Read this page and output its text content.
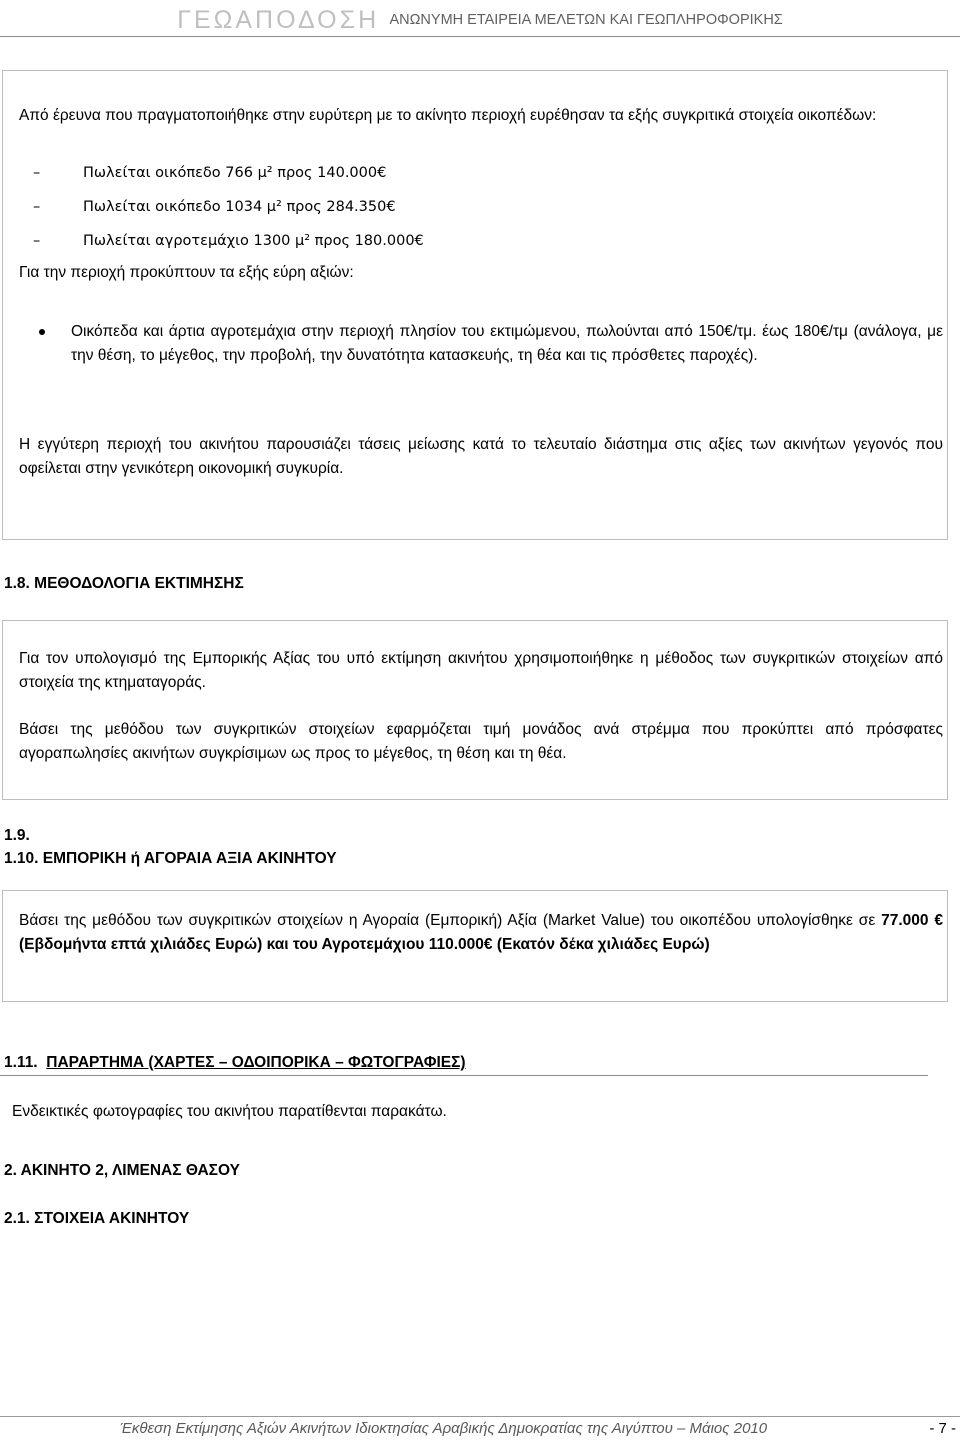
ΓΕΩΑΠΟΔΟΣΗ ΑΝΩΝΥΜΗ ΕΤΑΙΡΕΙΑ ΜΕΛΕΤΩΝ ΚΑΙ ΓΕΩΠΛΗΡΟΦΟΡΙΚΗΣ
Από έρευνα που πραγματοποιήθηκε στην ευρύτερη με το ακίνητο περιοχή ευρέθησαν τα εξής συγκριτικά στοιχεία οικοπέδων:
–	Πωλείται οικόπεδο 766 μ² προς 140.000€
–	Πωλείται οικόπεδο 1034 μ² προς 284.350€
–	Πωλείται αγροτεμάχιο 1300 μ² προς 180.000€
Για την περιοχή προκύπτουν τα εξής εύρη αξιών:
Οικόπεδα και άρτια αγροτεμάχια στην περιοχή πλησίον του εκτιμώμενου, πωλούνται από 150€/τμ. έως 180€/τμ (ανάλογα, με την θέση, το μέγεθος, την προβολή, την δυνατότητα κατασκευής, τη θέα και τις πρόσθετες παροχές).
Η εγγύτερη περιοχή του ακινήτου παρουσιάζει τάσεις μείωσης κατά το τελευταίο διάστημα στις αξίες των ακινήτων γεγονός που οφείλεται στην γενικότερη οικονομική συγκυρία.
1.8. ΜΕΘΟΔΟΛΟΓΙΑ ΕΚΤΙΜΗΣΗΣ
Για τον υπολογισμό της Εμπορικής Αξίας του υπό εκτίμηση ακινήτου χρησιμοποιήθηκε η μέθοδος των συγκριτικών στοιχείων από στοιχεία της κτηματαγοράς.
Βάσει της μεθόδου των συγκριτικών στοιχείων εφαρμόζεται τιμή μονάδος ανά στρέμμα που προκύπτει από πρόσφατες αγοραπωλησίες ακινήτων συγκρίσιμων ως προς το μέγεθος, τη θέση και τη θέα.
1.9.
1.10. ΕΜΠΟΡΙΚΗ ή ΑΓΟΡΑΙΑ ΑΞΙΑ ΑΚΙΝΗΤΟΥ
Βάσει της μεθόδου των συγκριτικών στοιχείων η Αγοραία (Εμπορική) Αξία (Market Value) του οικοπέδου υπολογίσθηκε σε 77.000 € (Εβδομήντα επτά χιλιάδες Ευρώ) και του Αγροτεμάχιου 110.000€ (Εκατόν δέκα χιλιάδες Ευρώ)
1.11. ΠΑΡΑΡΤΗΜΑ (ΧΑΡΤΕΣ – ΟΔΟΙΠΟΡΙΚΑ – ΦΩΤΟΓΡΑΦΙΕΣ)
Ενδεικτικές φωτογραφίες του ακινήτου παρατίθενται παρακάτω.
2. ΑΚΙΝΗΤΟ 2, ΛΙΜΕΝΑΣ ΘΑΣΟΥ
2.1. ΣΤΟΙΧΕΙΑ ΑΚΙΝΗΤΟΥ
Έκθεση Εκτίμησης Αξιών Ακινήτων Ιδιοκτησίας Αραβικής Δημοκρατίας της Αιγύπτου – Μάιος 2010	- 7 -
